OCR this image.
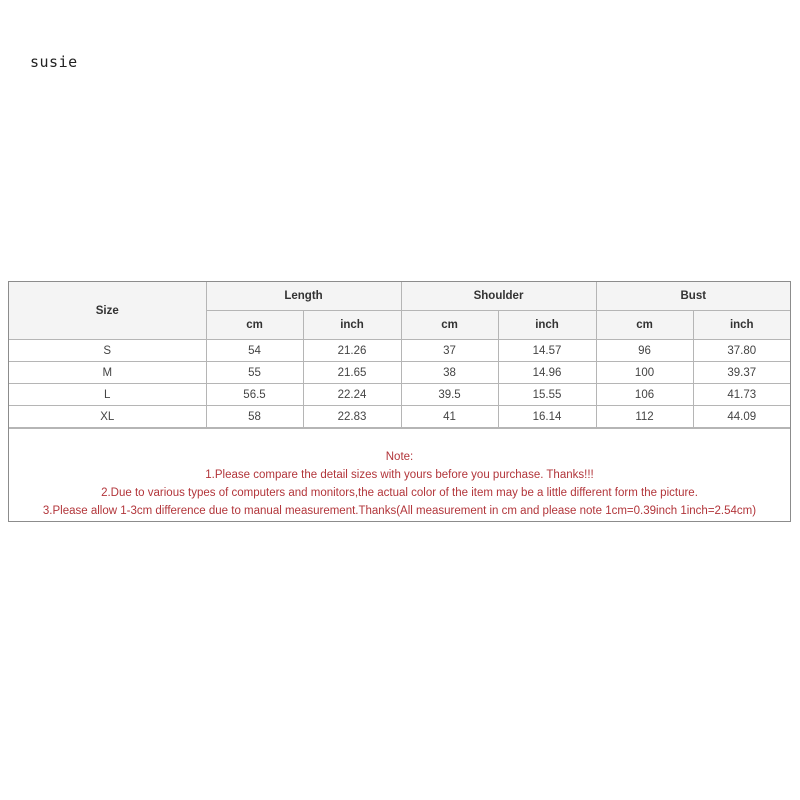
susie
Size	Length		Shoulder		Bust	
	cm	inch	cm	inch	cm	inch
S	54	21.26	37	14.57	96	37.80
M	55	21.65	38	14.96	100	39.37
L	56.5	22.24	39.5	15.55	106	41.73
XL	58	22.83	41	16.14	112	44.09
Note:
1.Please compare the detail sizes with yours before you purchase. Thanks!!!
2.Due to various types of computers and monitors,the actual color of the item may be a little different form the picture.
3.Please allow 1-3cm difference due to manual measurement.Thanks(All measurement in cm and please note 1cm=0.39inch 1inch=2.54cm)
